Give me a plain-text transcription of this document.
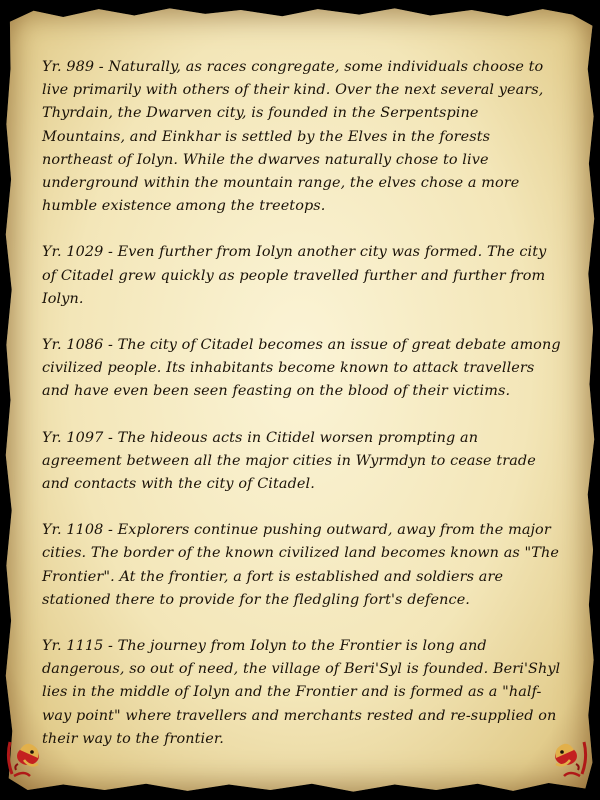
Yr. 989 - Naturally, as races congregate, some individuals choose to live primarily with others of their kind. Over the next several years, Thyrdain, the Dwarven city, is founded in the Serpentspine Mountains, and Einkhar is settled by the Elves in the forests northeast of Iolyn. While the dwarves naturally chose to live underground within the mountain range, the elves chose a more humble existence among the treetops.

Yr. 1029 - Even further from Iolyn another city was formed. The city of Citadel grew quickly as people travelled further and further from Iolyn.

Yr. 1086 - The city of Citadel becomes an issue of great debate among civilized people. Its inhabitants become known to attack travellers and have even been seen feasting on the blood of their victims.

Yr. 1097 - The hideous acts in Citidel worsen prompting an agreement between all the major cities in Wyrmdyn to cease trade and contacts with the city of Citadel.

Yr. 1108 - Explorers continue pushing outward, away from the major cities. The border of the known civilized land becomes known as "The Frontier". At the frontier, a fort is established and soldiers are stationed there to provide for the fledgling fort's defence.

Yr. 1115 - The journey from Iolyn to the Frontier is long and dangerous, so out of need, the village of Beri'Syl is founded. Beri'Shyl lies in the middle of Iolyn and the Frontier and is formed as a "half-way point" where travellers and merchants rested and re-supplied on their way to the frontier.
